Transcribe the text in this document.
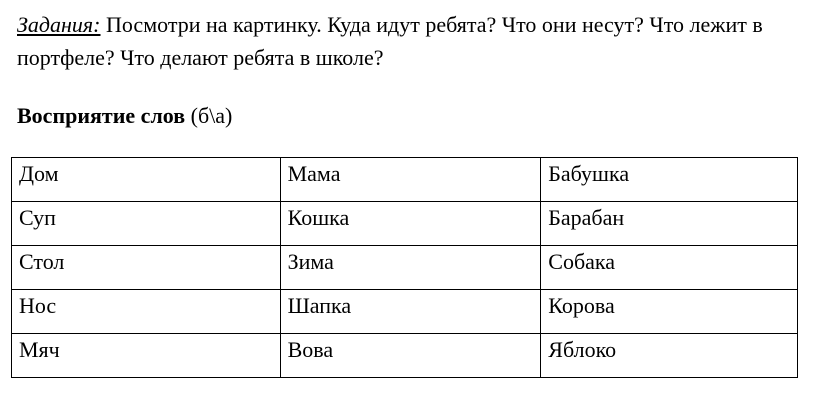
Задания: Посмотри на картинку. Куда идут ребята? Что они несут? Что лежит в портфеле? Что делают ребята в школе?

Восприятие слов (б\а)

Дом	Мама	Бабушка
Суп	Кошка	Барабан
Стол	Зима	Собака
Нос	Шапка	Корова
Мяч	Вова	Яблоко
